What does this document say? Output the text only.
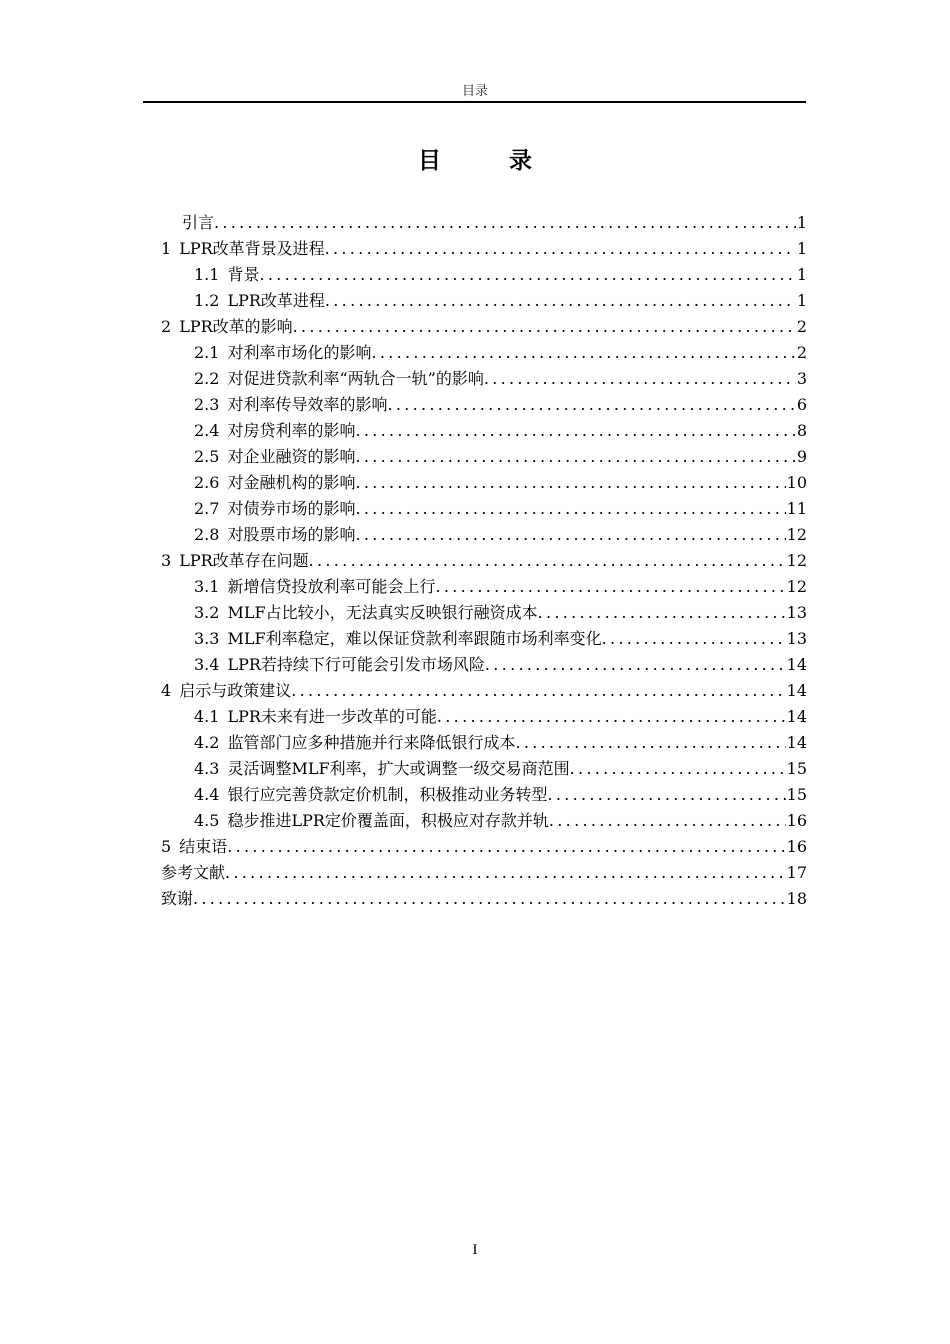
目录
目 录
引言 .....	1
1 LPR改革背景及进程 .....	1
1.1 背景 .....	1
1.2 LPR改革进程 .....	1
2 LPR改革的影响 .....	2
2.1 对利率市场化的影响 .....	2
2.2 对促进贷款利率“两轨合一轨”的影响 .....	3
2.3 对利率传导效率的影响 .....	6
2.4 对房贷利率的影响 .....	8
2.5 对企业融资的影响 .....	9
2.6 对金融机构的影响 .....	10
2.7 对债券市场的影响 .....	11
2.8 对股票市场的影响 .....	12
3 LPR改革存在问题 .....	12
3.1 新增信贷投放利率可能会上行 .....	12
3.2 MLF占比较小，无法真实反映银行融资成本 .....	13
3.3 MLF利率稳定，难以保证贷款利率跟随市场利率变化 .....	13
3.4 LPR若持续下行可能会引发市场风险 .....	14
4 启示与政策建议 .....	14
4.1 LPR未来有进一步改革的可能 .....	14
4.2 监管部门应多种措施并行来降低银行成本 .....	14
4.3 灵活调整MLF利率，扩大或调整一级交易商范围 .....	15
4.4 银行应完善贷款定价机制，积极推动业务转型 .....	15
4.5 稳步推进LPR定价覆盖面，积极应对存款并轨 .....	16
5 结束语 .....	16
参考文献 .....	17
致谢 .....	18
I
